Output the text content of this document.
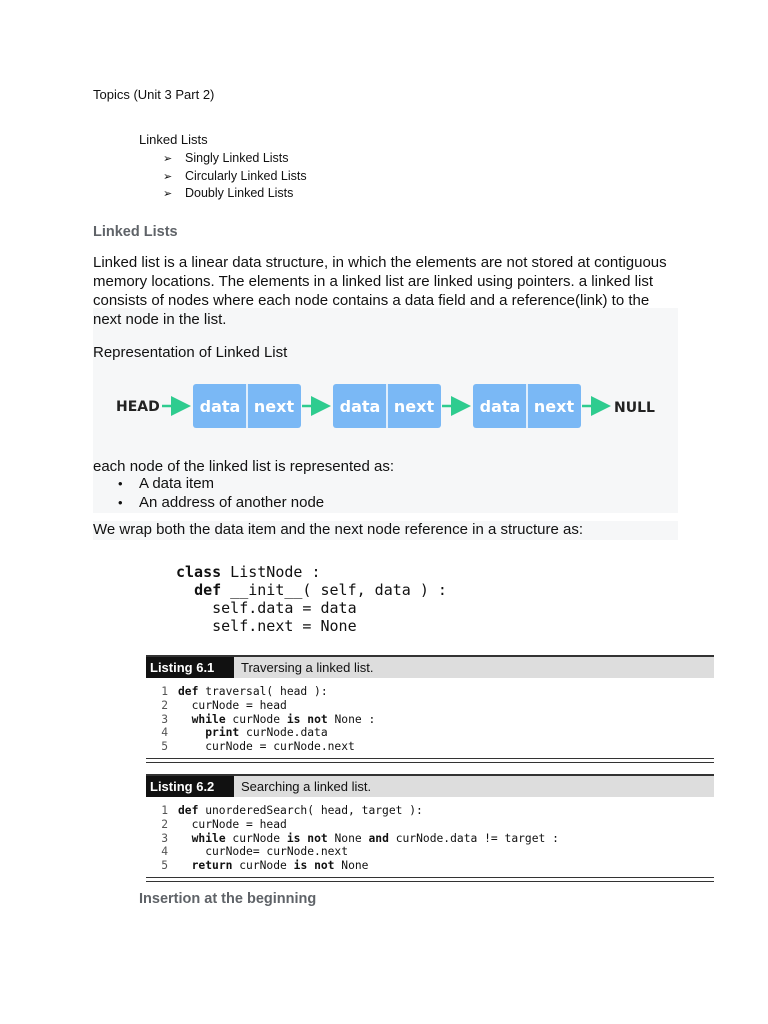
Topics (Unit 3 Part 2)
Linked Lists
➢ Singly Linked Lists
➢ Circularly Linked Lists
➢ Doubly Linked Lists
Linked Lists
Linked list is a linear data structure, in which the elements are not stored at contiguous
memory locations. The elements in a linked list are linked using pointers. a linked list
consists of nodes where each node contains a data field and a reference(link) to the
next node in the list.
Representation of Linked List
HEAD data next	data next	data next	NULL
each node of the linked list is represented as:
• A data item
• An address of another node
We wrap both the data item and the next node reference in a structure as:
class ListNode :
def __init__( self, data ) :
self.data = data
self.next = None
Listing 6.1	Traversing a linked list.
1 def traversal( head ):
2  curNode = head
3 while curNode is not None :
4	print curNode.data
5    curNode = curNode.next
Listing 6.2	Searching a linked list.
1 def unorderedSearch( head, target ):
2  curNode = head
3 while curNode is not None and curNode.data != target :
4    curNode= curNode.next
5 return curNode is not None
Insertion at the beginning
